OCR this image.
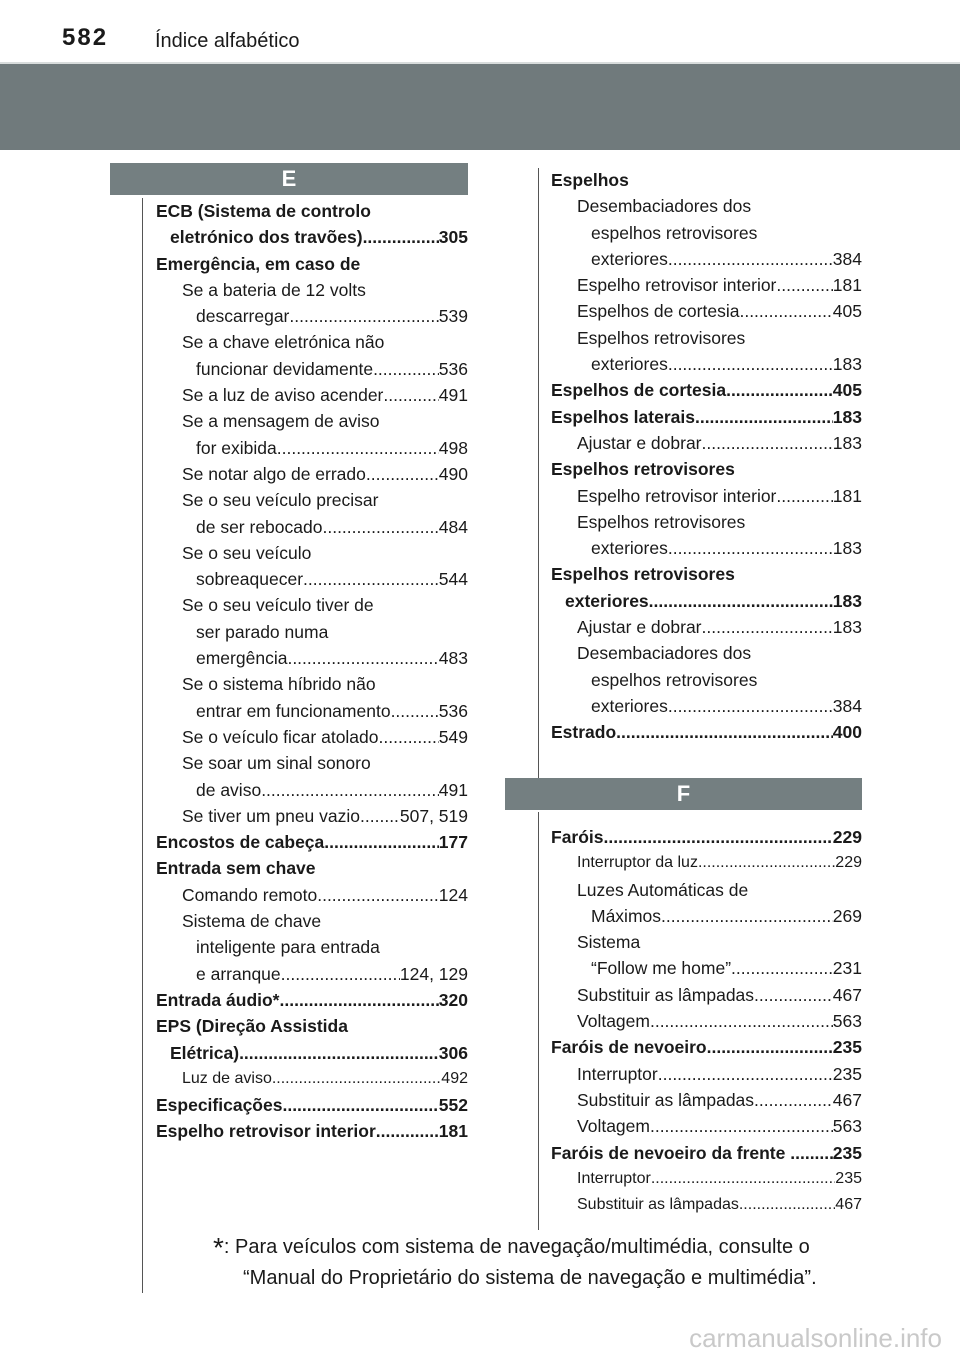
582 Índice alfabético
E
F
ECB (Sistema de controlo
eletrónico dos travões) .....	305
Emergência, em caso de
Se a bateria de 12 volts
descarregar .....	539
Se a chave eletrónica não
funcionar devidamente .....	536
Se a luz de aviso acender .....	491
Se a mensagem de aviso
for exibida .....	498
Se notar algo de errado .....	490
Se o seu veículo precisar
de ser rebocado .....	484
Se o seu veículo
sobreaquecer .....	544
Se o seu veículo tiver de
ser parado numa
emergência .....	483
Se o sistema híbrido não
entrar em funcionamento .....	536
Se o veículo ficar atolado .....	549
Se soar um sinal sonoro
de aviso .....	491
Se tiver um pneu vazio ..... 507, 519
Encostos de cabeça .....	177
Entrada sem chave
Comando remoto .....	124
Sistema de chave
inteligente para entrada
e arranque .....	124, 129
Entrada áudio* .....	320
EPS (Direção Assistida
Elétrica) .....	306
Luz de aviso .....	492
Especificações .....	552
Espelho retrovisor interior .....	181
Espelhos
Desembaciadores dos
espelhos retrovisores
exteriores .....	384
Espelho retrovisor interior .....	181
Espelhos de cortesia .....	405
Espelhos retrovisores
exteriores .....	183
Espelhos de cortesia .....	405
Espelhos laterais .....	183
Ajustar e dobrar .....	183
Espelhos retrovisores
Espelho retrovisor interior .....	181
Espelhos retrovisores
exteriores .....	183
Espelhos retrovisores
exteriores .....	183
Ajustar e dobrar .....	183
Desembaciadores dos
espelhos retrovisores
exteriores .....	384
Estrado .....	400
Faróis .....	229
Interruptor da luz .....	229
Luzes Automáticas de
Máximos .....	269
Sistema
“Follow me home” .....	231
Substituir as lâmpadas .....	467
Voltagem .....	563
Faróis de nevoeiro .....	235
Interruptor .....	235
Substituir as lâmpadas .....	467
Voltagem .....	563
Faróis de nevoeiro da frente .. ..... 235
Interruptor .....	235
Substituir as lâmpadas .....	467
*: Para veículos com sistema de navegação/multimédia, consulte o
“Manual do Proprietário do sistema de navegação e multimédia”.
carmanualsonline.info
